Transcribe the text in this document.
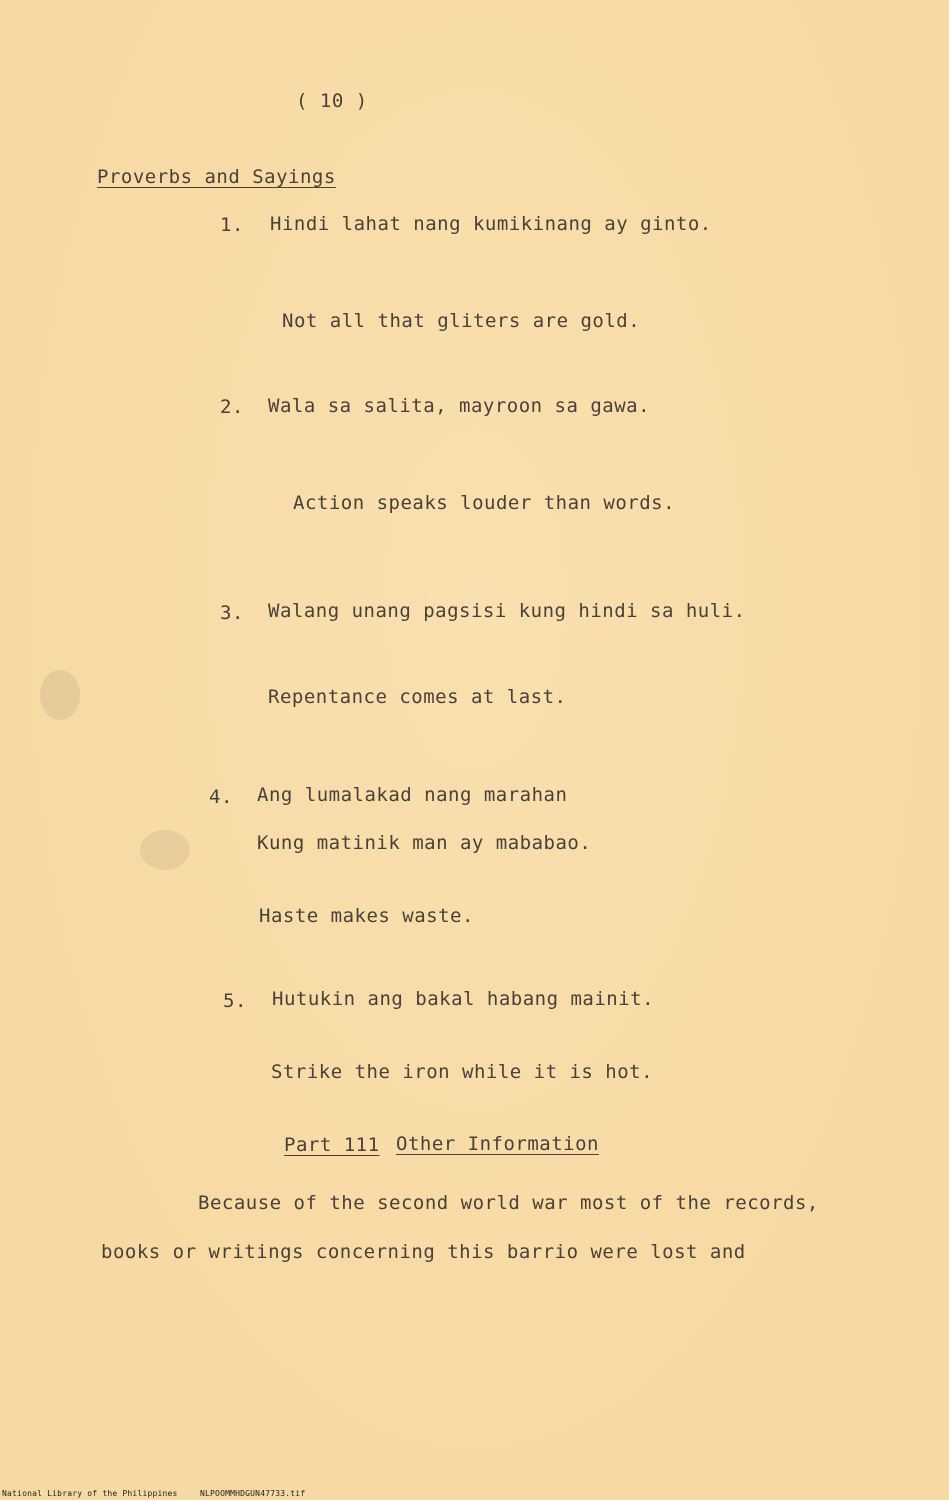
( 10 )
Proverbs and Sayings
1. Hindi lahat nang kumikinang ay ginto.
Not all that gliters are gold.
2. Wala sa salita, mayroon sa gawa.
Action speaks louder than words.
3. Walang unang pagsisi kung hindi sa huli.
Repentance comes at last.
4. Ang lumalakad nang marahan
Kung matinik man ay mababao.
Haste makes waste.
5. Hutukin ang bakal habang mainit.
Strike the iron while it is hot.
Part 111 Other Information
Because of the second world war most of the records,
books or writings concerning this barrio were lost and
National Library of the Philippines	NLPOOMMHDGUN47733.tif
